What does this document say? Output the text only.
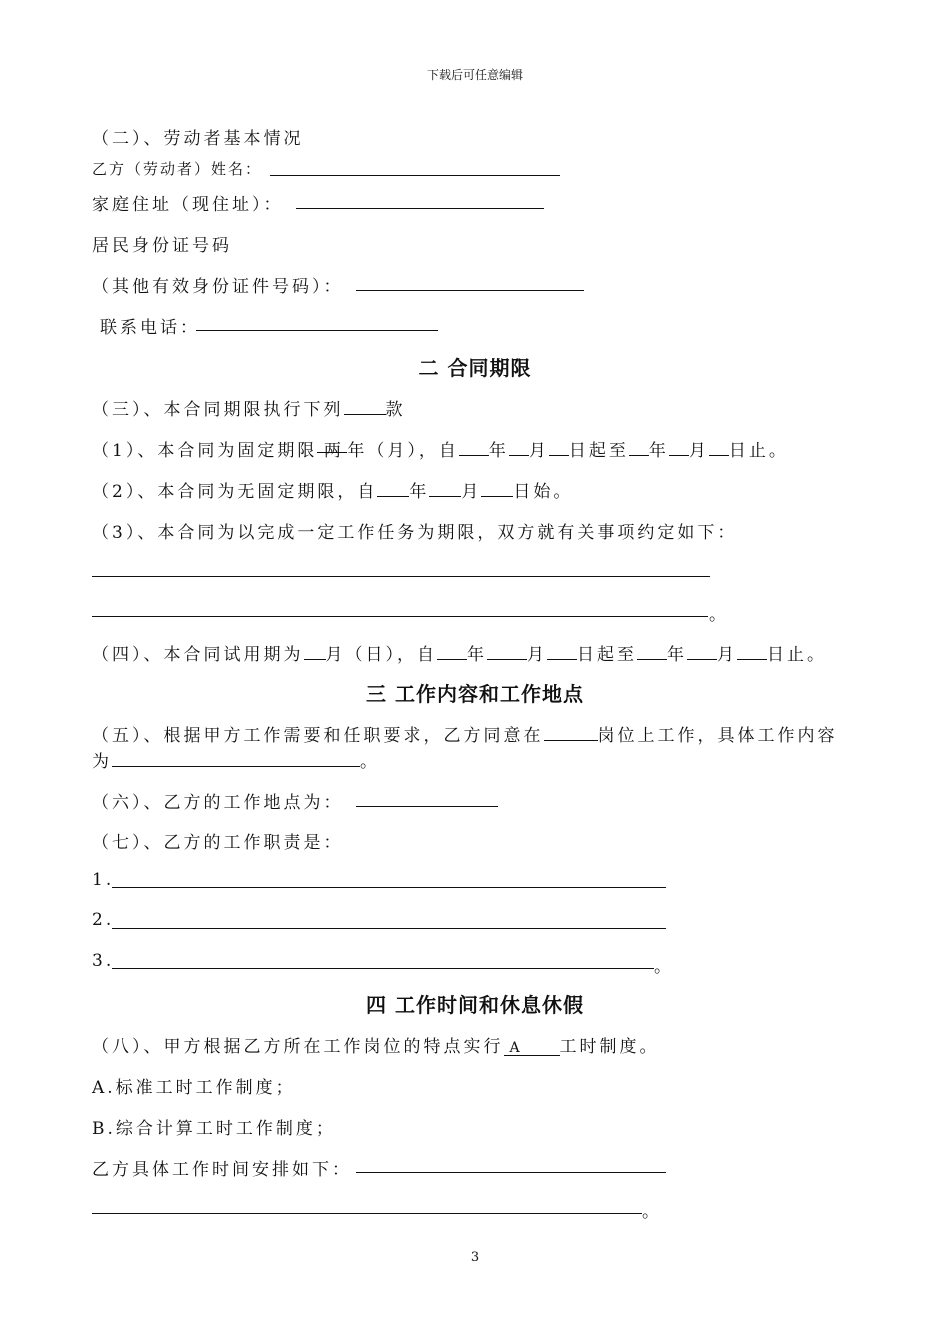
下载后可任意编辑
（二）、劳动者基本情况
乙方（劳动者）姓名：
家庭住址（现住址）：
居民身份证号码
（其他有效身份证件号码）：
联系电话：
二 合同期限
（三）、本合同期限执行下列 款
（1）、本合同为固定期限 两 年（月），自 年 月 日起至 年 月 日止。
（2）、本合同为无固定期限，自 年 月 日始。
（3）、本合同为以完成一定工作任务为期限，双方就有关事项约定如下：
。
（四）、本合同试用期为 月（日），自 年 月 日起至 年 月 日止。
三 工作内容和工作地点
（五）、根据甲方工作需要和任职要求，乙方同意在	岗位上工作，具体工作内容
为	。
（六）、乙方的工作地点为：
（七）、乙方的工作职责是：
1.
2.
3.	。
四 工作时间和休息休假
（八）、甲方根据乙方所在工作岗位的特点实行 A 工时制度。
A.标准工时工作制度；
B.综合计算工时工作制度；
乙方具体工作时间安排如下：
。
3
